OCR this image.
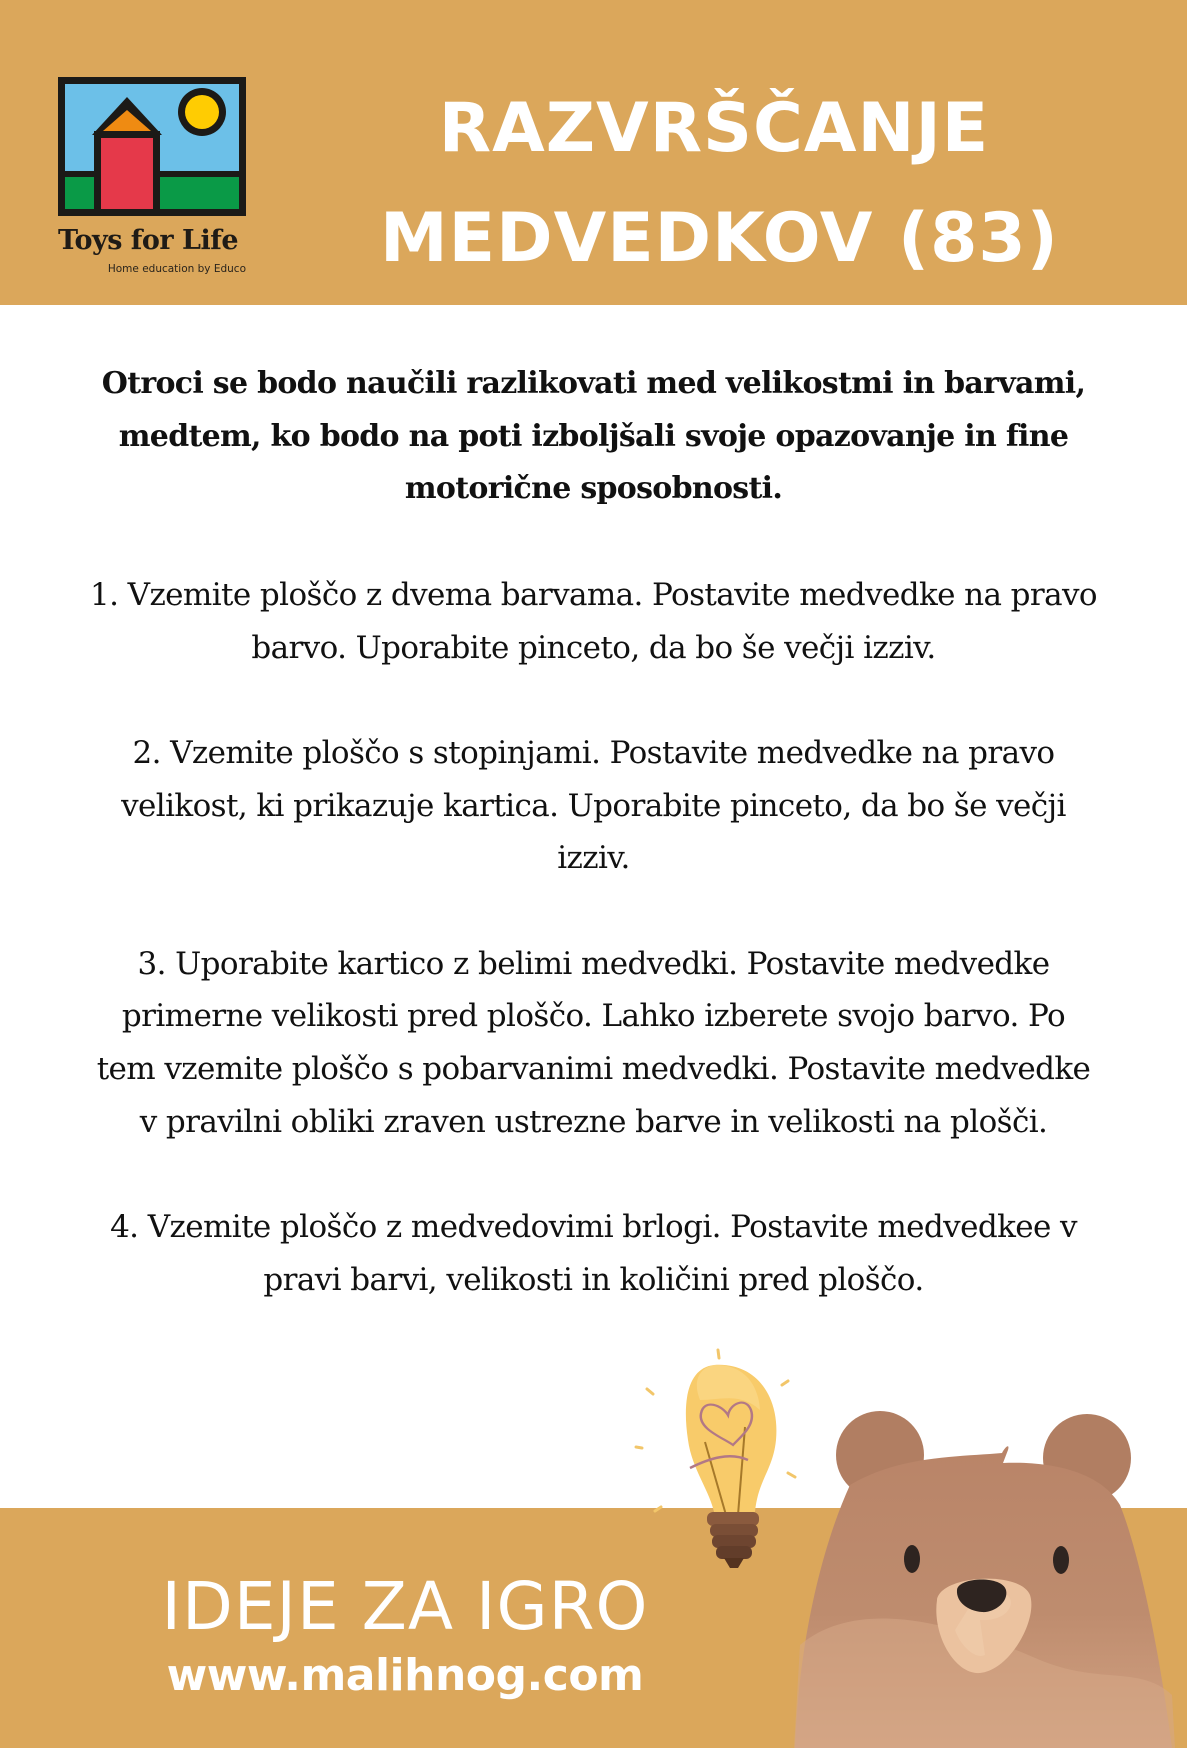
Toys for Life
Home education by Educo
RAZVRŠČANJE
MEDVEDKOV (83)
Otroci se bodo naučili razlikovati med velikostmi in barvami,
medtem, ko bodo na poti izboljšali svoje opazovanje in fine
motorične sposobnosti.
1. Vzemite ploščo z dvema barvama. Postavite medvedke na pravo
barvo. Uporabite pinceto, da bo še večji izziv.
2. Vzemite ploščo s stopinjami. Postavite medvedke na pravo
velikost, ki prikazuje kartica. Uporabite pinceto, da bo še večji
izziv.
3. Uporabite kartico z belimi medvedki. Postavite medvedke
primerne velikosti pred ploščo. Lahko izberete svojo barvo. Po
tem vzemite ploščo s pobarvanimi medvedki. Postavite medvedke
v pravilni obliki zraven ustrezne barve in velikosti na plošči.
4. Vzemite ploščo z medvedovimi brlogi. Postavite medvedkee v
pravi barvi, velikosti in količini pred ploščo.
IDEJE ZA IGRO
www.malihnog.com
